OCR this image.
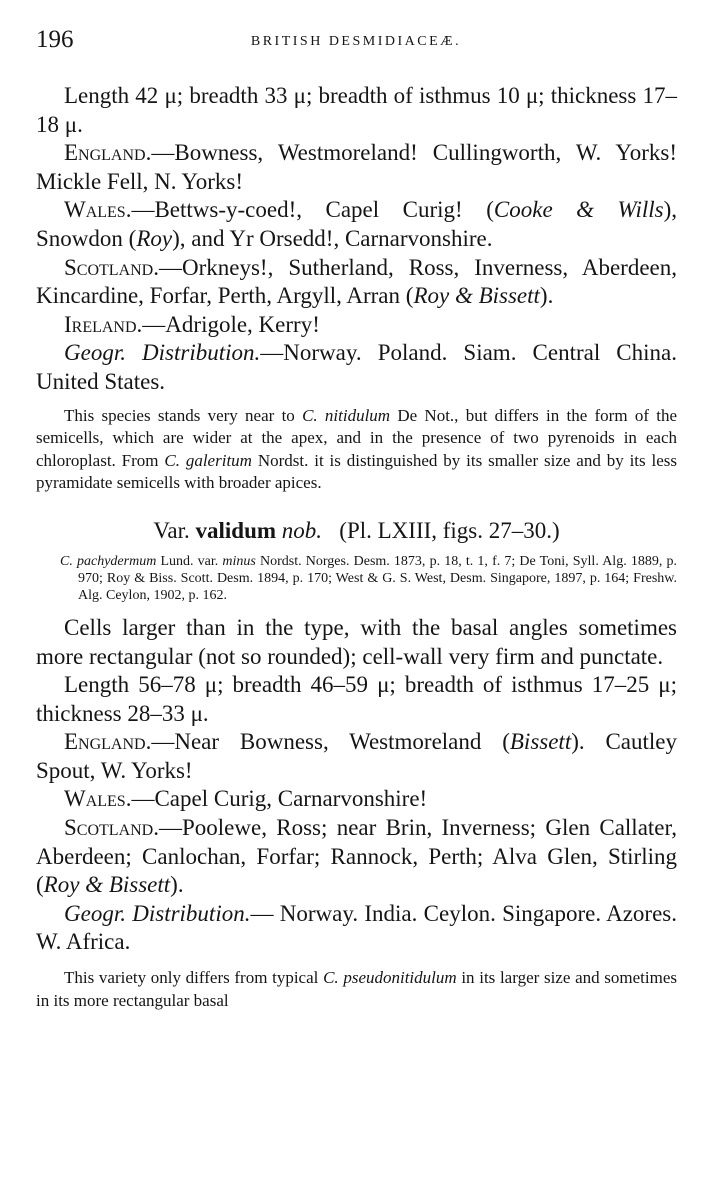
196	BRITISH DESMIDIACEÆ.

Length 42 μ; breadth 33 μ; breadth of isthmus 10 μ; thickness 17–18 μ.

England.—Bowness, Westmoreland! Cullingworth, W. Yorks! Mickle Fell, N. Yorks!

Wales.—Bettws-y-coed!, Capel Curig! (Cooke & Wills), Snowdon (Roy), and Yr Orsedd!, Carnarvonshire.

Scotland.—Orkneys!, Sutherland, Ross, Inverness, Aberdeen, Kincardine, Forfar, Perth, Argyll, Arran (Roy & Bissett).

Ireland.—Adrigole, Kerry!

Geogr. Distribution.—Norway. Poland. Siam. Central China. United States.

This species stands very near to C. nitidulum De Not., but differs in the form of the semicells, which are wider at the apex, and in the presence of two pyrenoids in each chloroplast. From C. galeritum Nordst. it is distinguished by its smaller size and by its less pyramidate semicells with broader apices.

Var. validum nob. (Pl. LXIII, figs. 27–30.)

C. pachydermum Lund. var. minus Nordst. Norges. Desm. 1873, p. 18, t. 1, f. 7; De Toni, Syll. Alg. 1889, p. 970; Roy & Biss. Scott. Desm. 1894, p. 170; West & G. S. West, Desm. Singapore, 1897, p. 164; Freshw. Alg. Ceylon, 1902, p. 162.

Cells larger than in the type, with the basal angles sometimes more rectangular (not so rounded); cell-wall very firm and punctate.

Length 56–78 μ; breadth 46–59 μ; breadth of isthmus 17–25 μ; thickness 28–33 μ.

England.—Near Bowness, Westmoreland (Bissett). Cautley Spout, W. Yorks!

Wales.—Capel Curig, Carnarvonshire!

Scotland.—Poolewe, Ross; near Brin, Inverness; Glen Callater, Aberdeen; Canlochan, Forfar; Rannock, Perth; Alva Glen, Stirling (Roy & Bissett).

Geogr. Distribution.— Norway. India. Ceylon. Singapore. Azores. W. Africa.

This variety only differs from typical C. pseudonitidulum in its larger size and sometimes in its more rectangular basal
